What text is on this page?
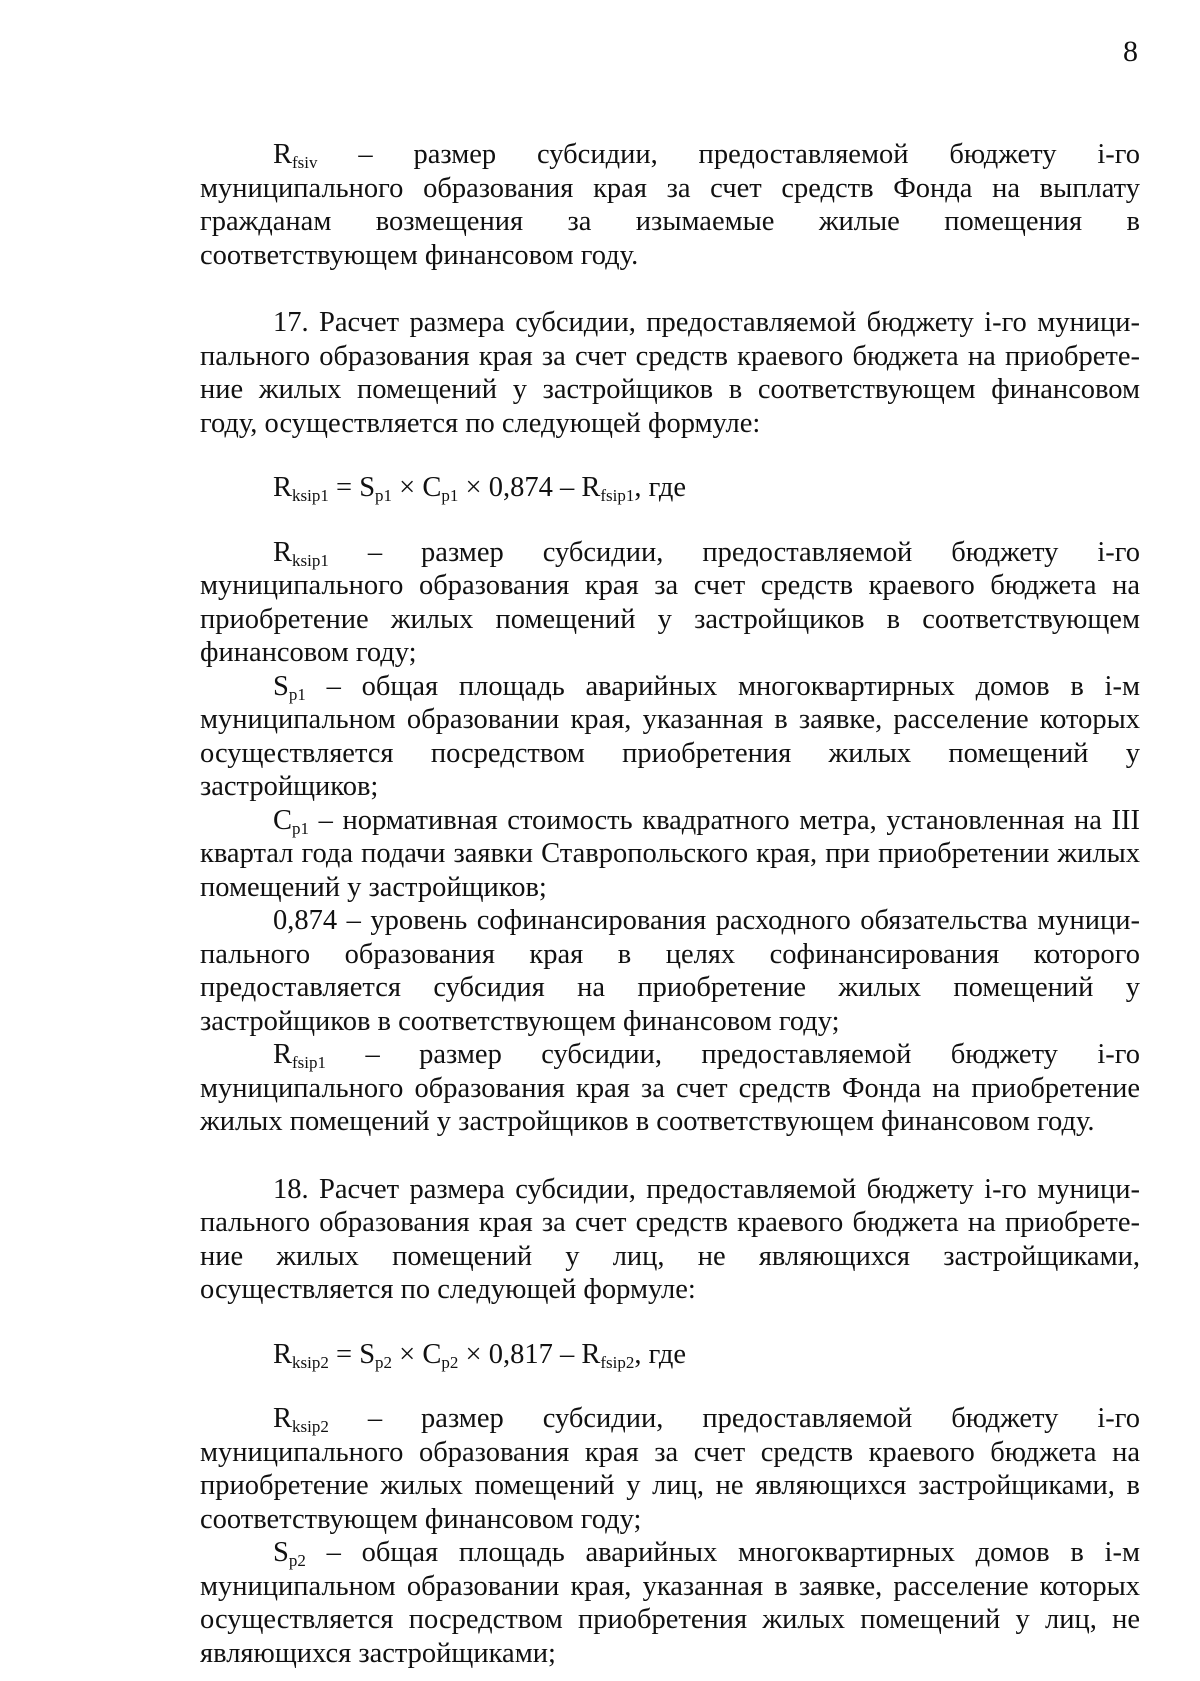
8

$R_{fsiv}$ – размер субсидии, предоставляемой бюджету і-го муниципального образования края за счет средств Фонда на выплату гражданам возмещения за изымаемые жилые помещения в соответствующем финансовом году.

17. Расчет размера субсидии, предоставляемой бюджету і-го муниципального образования края за счет средств краевого бюджета на приобретение жилых помещений у застройщиков в соответствующем финансовом году, осуществляется по следующей формуле:

$R_{ksip1} = S_{p1} \times C_{p1} \times 0,874 - R_{fsip1}$, где

$R_{ksip1}$ – размер субсидии, предоставляемой бюджету і-го муниципального образования края за счет средств краевого бюджета на приобретение жилых помещений у застройщиков в соответствующем финансовом году;

$S_{p1}$ – общая площадь аварийных многоквартирных домов в і-м муниципальном образовании края, указанная в заявке, расселение которых осуществляется посредством приобретения жилых помещений у застройщиков;

$C_{p1}$ – нормативная стоимость квадратного метра, установленная на III квартал года подачи заявки Ставропольского края, при приобретении жилых помещений у застройщиков;

0,874 – уровень софинансирования расходного обязательства муниципального образования края в целях софинансирования которого предоставляется субсидия на приобретение жилых помещений у застройщиков в соответствующем финансовом году;

$R_{fsip1}$ – размер субсидии, предоставляемой бюджету і-го муниципального образования края за счет средств Фонда на приобретение жилых помещений у застройщиков в соответствующем финансовом году.

18. Расчет размера субсидии, предоставляемой бюджету і-го муниципального образования края за счет средств краевого бюджета на приобретение жилых помещений у лиц, не являющихся застройщиками, осуществляется по следующей формуле:

$R_{ksip2} = S_{p2} \times C_{p2} \times 0,817 - R_{fsip2}$, где

$R_{ksip2}$ – размер субсидии, предоставляемой бюджету і-го муниципального образования края за счет средств краевого бюджета на приобретение жилых помещений у лиц, не являющихся застройщиками, в соответствующем финансовом году;

$S_{p2}$ – общая площадь аварийных многоквартирных домов в і-м муниципальном образовании края, указанная в заявке, расселение которых осуществляется посредством приобретения жилых помещений у лиц, не являющихся застройщиками;
